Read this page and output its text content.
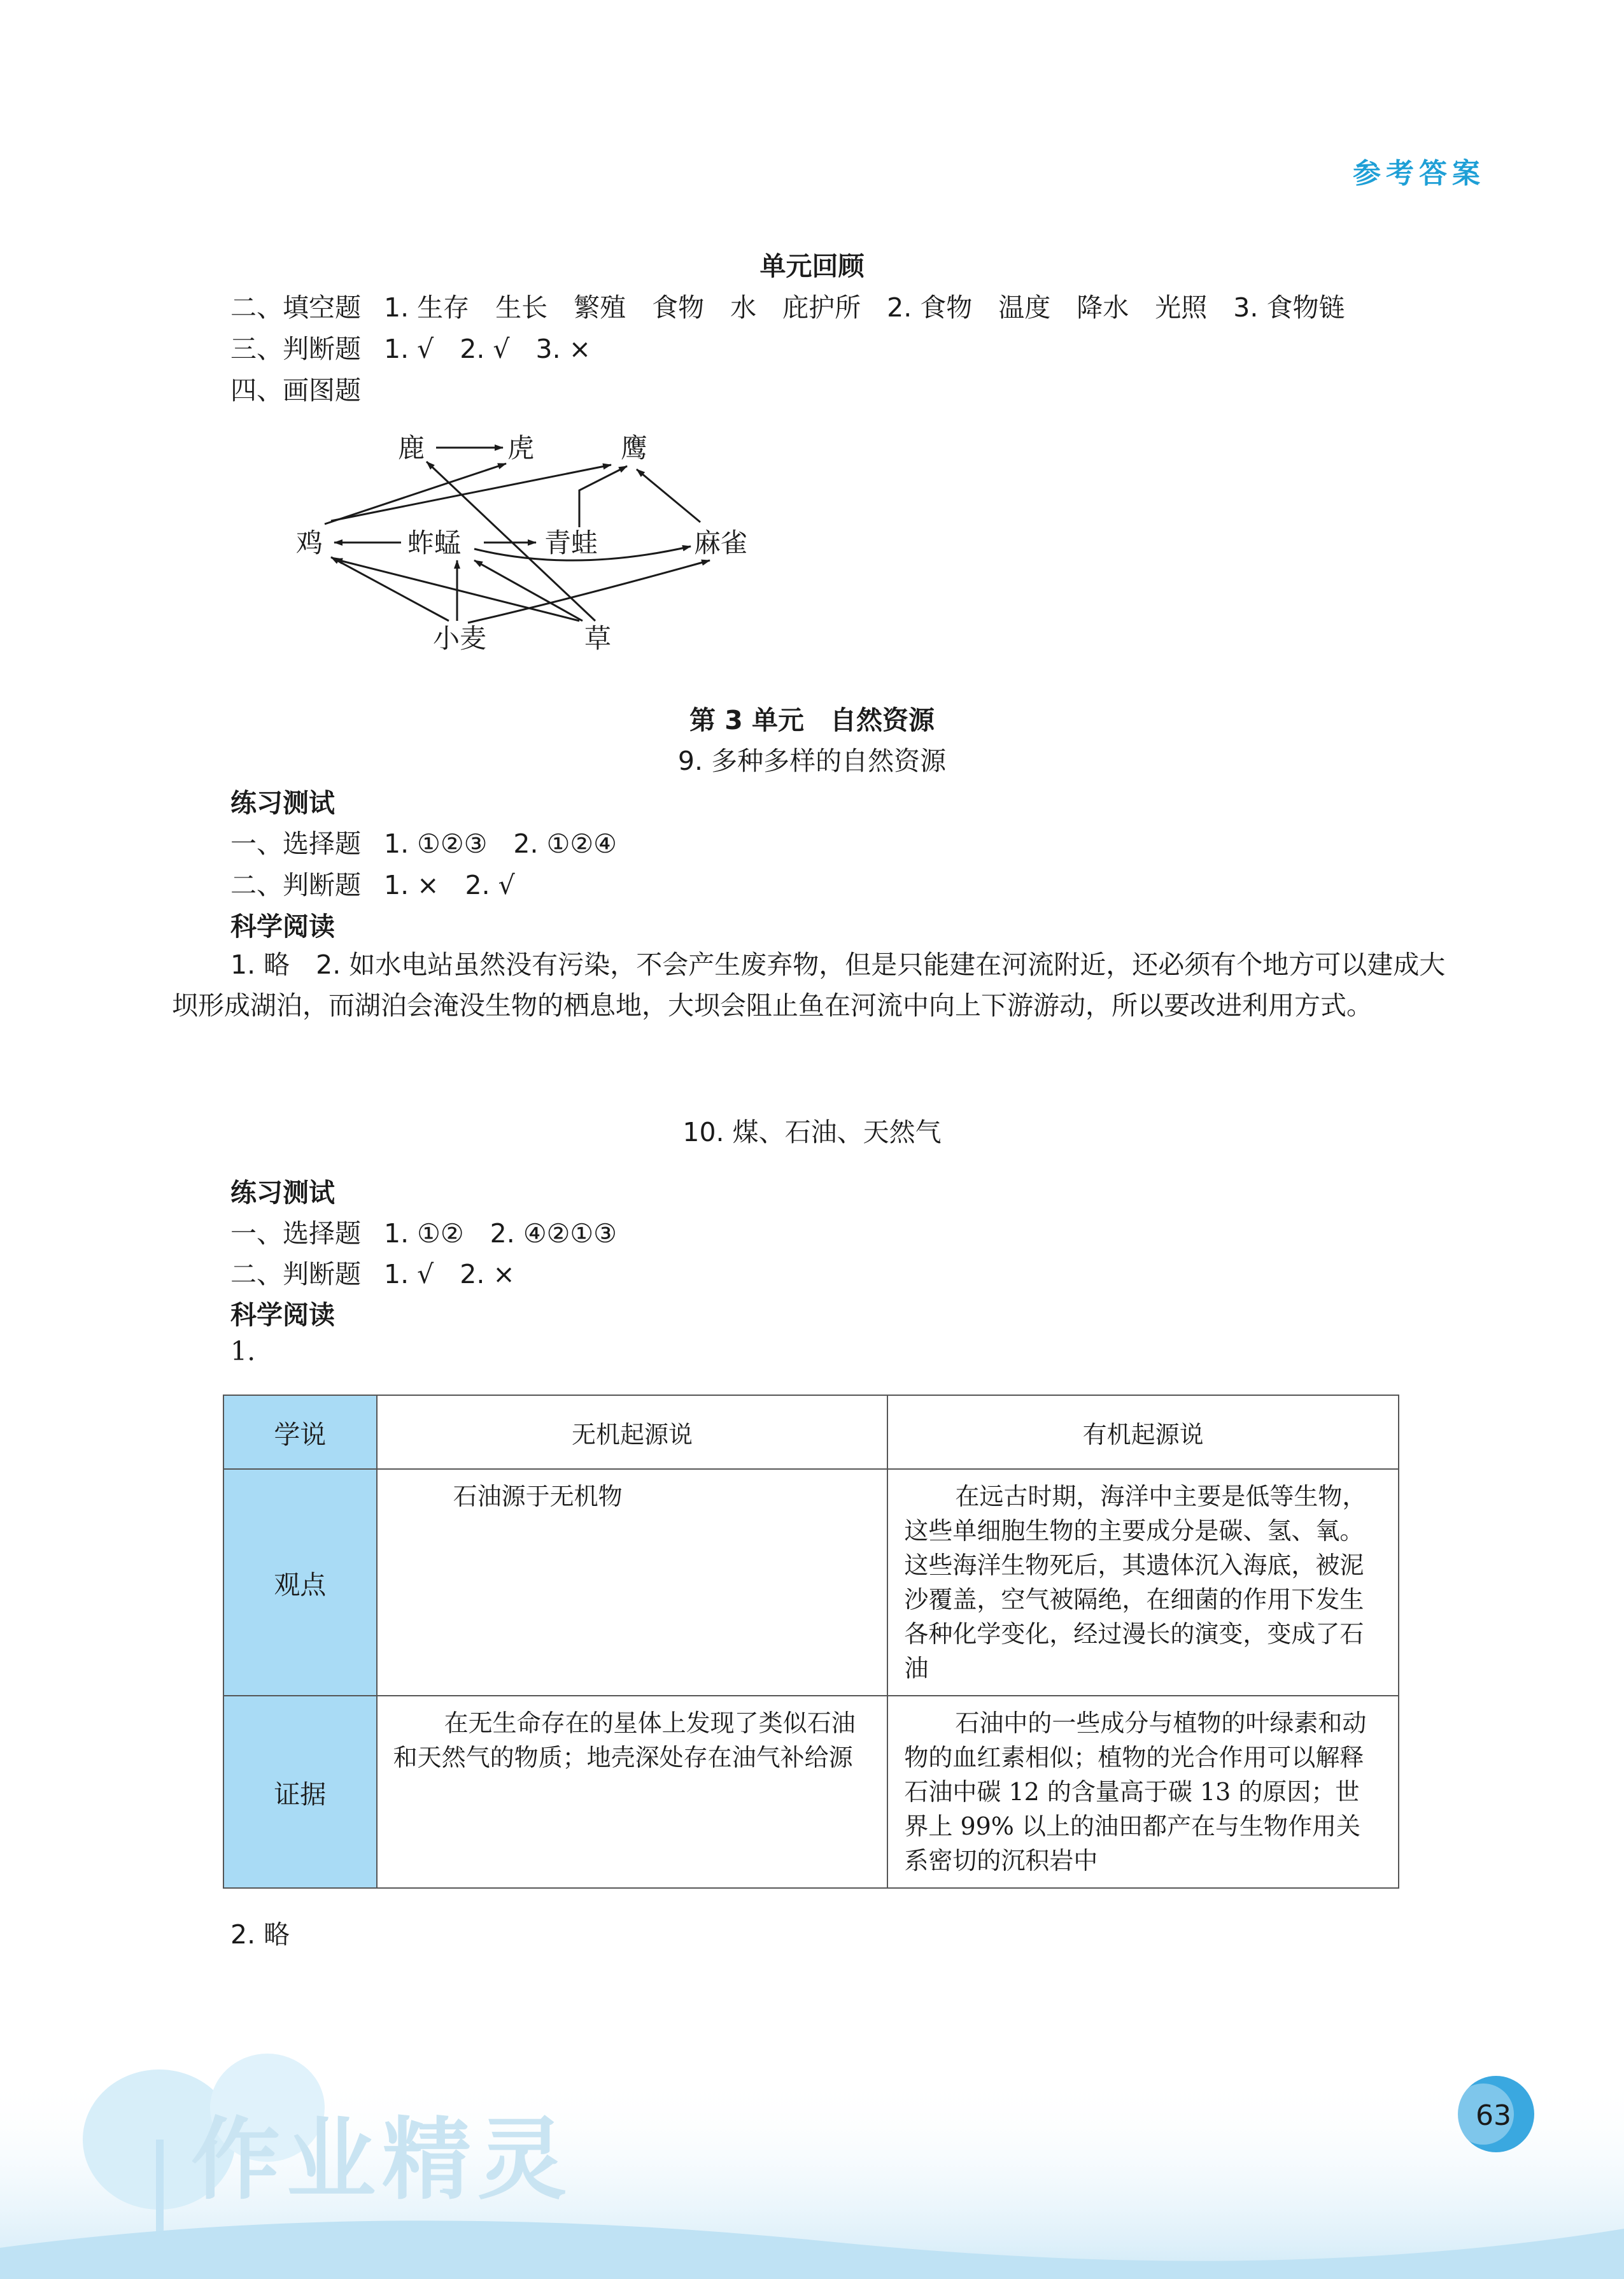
参考答案
单元回顾
二、填空题 1. 生存　生长　繁殖　食物　水　庇护所　2. 食物　温度　降水　光照　3. 食物链
三、判断题 1. √　2. √　3. ×
四、画图题
鹿	虎	鹰
鸡	蚱蜢	青蛙	麻雀
小麦	草
第 3 单元　自然资源
9. 多种多样的自然资源
练习测试
一、选择题 1. ①②③　2. ①②④
二、判断题 1. ×　2. √
科学阅读
1. 略　2. 如水电站虽然没有污染，不会产生废弃物，但是只能建在河流附近，还必须有个地方可以建成大坝形成湖泊，而湖泊会淹没生物的栖息地，大坝会阻止鱼在河流中向上下游游动，所以要改进利用方式。
10. 煤、石油、天然气
练习测试
一、选择题 1. ①②　2. ④②①③
二、判断题 1. √　2. ×
科学阅读
1.
学说	无机起源说	有机起源说
观点	石油源于无机物	在远古时期，海洋中主要是低等生物，这些单细胞生物的主要成分是碳、氢、氧。这些海洋生物死后，其遗体沉入海底，被泥沙覆盖，空气被隔绝，在细菌的作用下发生各种化学变化，经过漫长的演变，变成了石油

证据	在无生命存在的星体上发现了类似石油和天然气的物质；地壳深处存在油气补给源	石油中的一些成分与植物的叶绿素和动物的血红素相似；植物的光合作用可以解释石油中碳 12 的含量高于碳 13 的原因；世界上 99% 以上的油田都产在与生物作用关系密切的沉积岩中
2. 略
63
作业精灵
